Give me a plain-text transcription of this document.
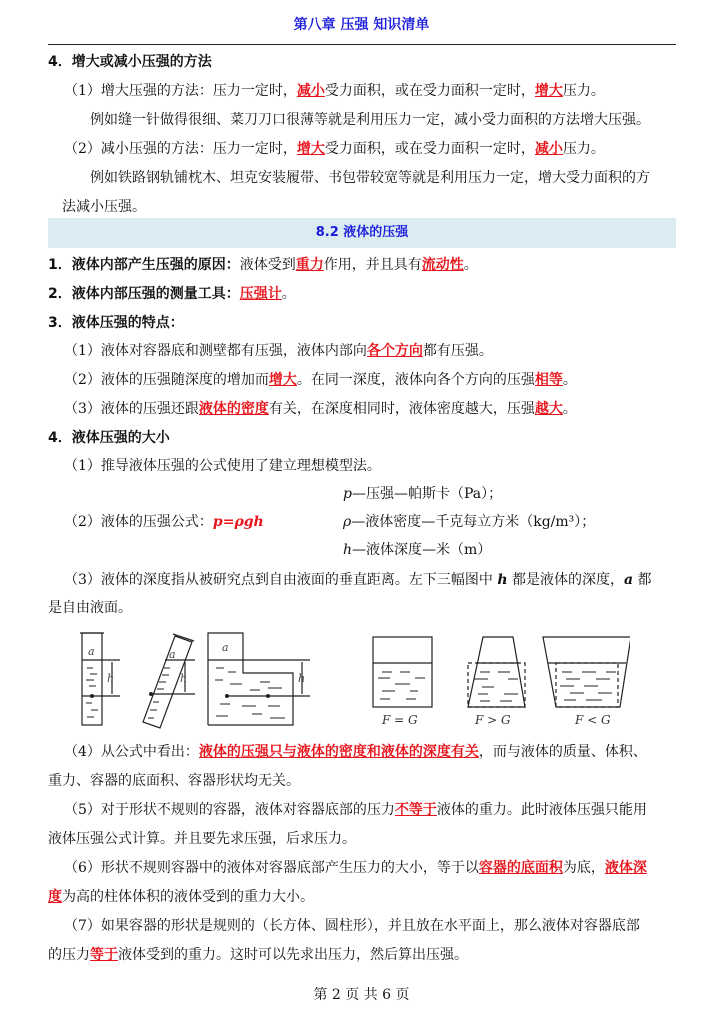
第八章 压强 知识清单
4．增大或减小压强的方法
（1）增大压强的方法：压力一定时，减小受力面积，或在受力面积一定时，增大压力。
例如缝一针做得很细、菜刀刀口很薄等就是利用压力一定，减小受力面积的方法增大压强。
（2）减小压强的方法：压力一定时，增大受力面积，或在受力面积一定时，减小压力。
例如铁路钢轨铺枕木、坦克安装履带、书包带较宽等就是利用压力一定，增大受力面积的方
法减小压强。
8.2 液体的压强
1．液体内部产生压强的原因：液体受到重力作用，并且具有流动性。
2．液体内部压强的测量工具：压强计。
3．液体压强的特点：
（1）液体对容器底和测壁都有压强，液体内部向各个方向都有压强。
（2）液体的压强随深度的增加而增大。在同一深度，液体向各个方向的压强相等。
（3）液体的压强还跟液体的密度有关，在深度相同时，液体密度越大，压强越大。
4．液体压强的大小
（1）推导液体压强的公式使用了建立理想模型法。
（2）液体的压强公式：p=ρgh
p—压强—帕斯卡（Pa）；
ρ—液体密度—千克每立方米（kg/m³）；
h—液体深度—米（m）
（3）液体的深度指从被研究点到自由液面的垂直距离。左下三幅图中 h 都是液体的深度，a 都
是自由液面。
a
h
a
h
a
h
F = G	F > G	F < G
（4）从公式中看出：液体的压强只与液体的密度和液体的深度有关，而与液体的质量、体积、
重力、容器的底面积、容器形状均无关。
（5）对于形状不规则的容器，液体对容器底部的压力不等于液体的重力。此时液体压强只能用
液体压强公式计算。并且要先求压强，后求压力。
（6）形状不规则容器中的液体对容器底部产生压力的大小，等于以容器的底面积为底，液体深
度为高的柱体体积的液体受到的重力大小。
（7）如果容器的形状是规则的（长方体、圆柱形），并且放在水平面上，那么液体对容器底部
的压力等于液体受到的重力。这时可以先求出压力，然后算出压强。
第 2 页 共 6 页
